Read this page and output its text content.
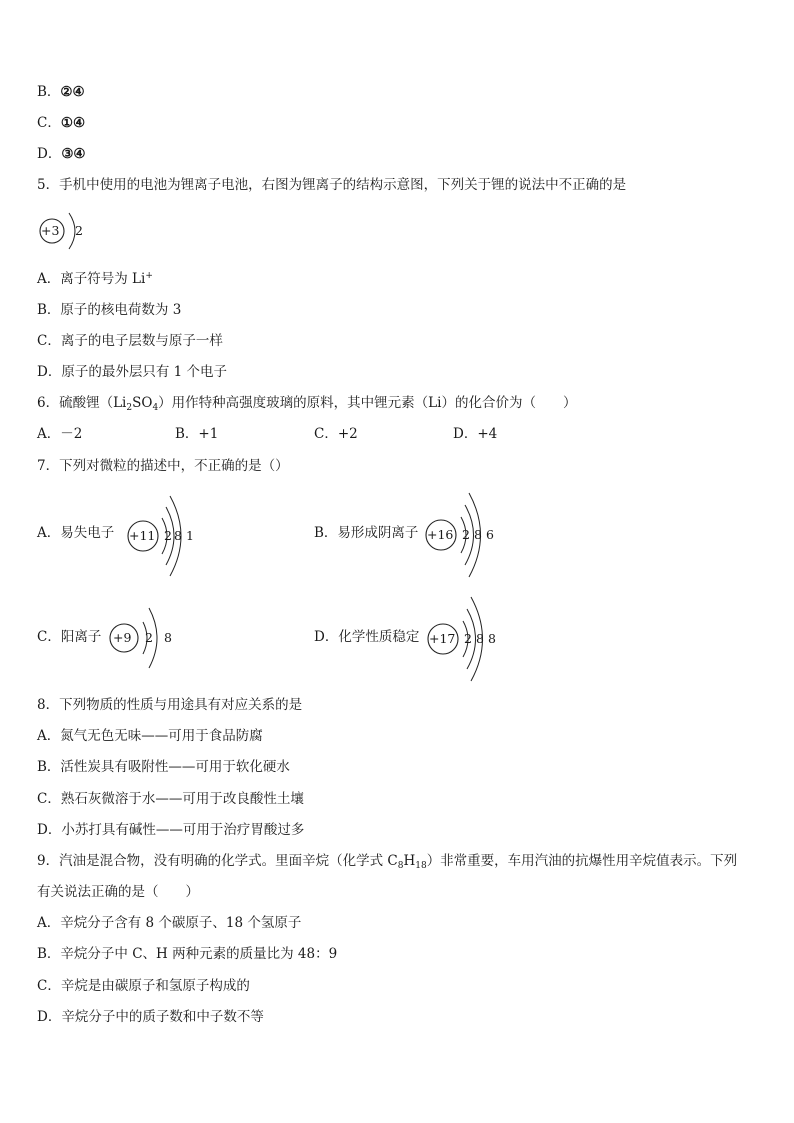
B．②④
C．①④
D．③④
5．手机中使用的电池为锂离子电池，右图为锂离子的结构示意图，下列关于锂的说法中不正确的是
+3 2
A．离子符号为 Li+
B．原子的核电荷数为 3
C．离子的电子层数与原子一样
D．原子的最外层只有 1 个电子
6．硫酸锂$(Li_2SO_4)$用作特种高强度玻璃的原料，其中锂元素（Li）的化合价为（　　）
A．－2	B．+1	C．+2	D．+4
7．下列对微粒的描述中，不正确的是（）
A．易失电子 +11 2 8 1	B．易形成阴离子 +16 2 8 6
C．阳离子 +9 2 8	D．化学性质稳定 +17 2 8 8
8．下列物质的性质与用途具有对应关系的是
A．氮气无色无味——可用于食品防腐
B．活性炭具有吸附性——可用于软化硬水
C．熟石灰微溶于水——可用于改良酸性土壤
D．小苏打具有碱性——可用于治疗胃酸过多
9．汽油是混合物，没有明确的化学式。里面辛烷（化学式 $C_8H_{18}$）非常重要，车用汽油的抗爆性用辛烷值表示。下列
有关说法正确的是（　　）
A．辛烷分子含有 8 个碳原子、18 个氢原子
B．辛烷分子中 C、H 两种元素的质量比为 48：9
C．辛烷是由碳原子和氢原子构成的
D．辛烷分子中的质子数和中子数不等
